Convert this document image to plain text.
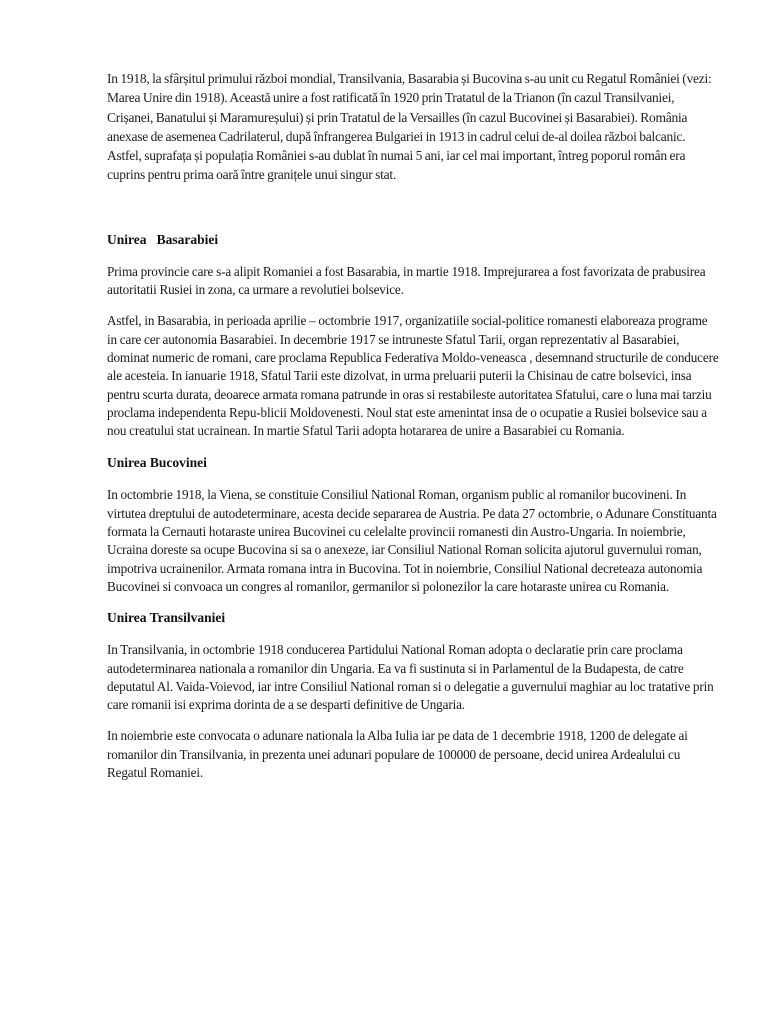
In 1918, la sfârșitul primului război mondial, Transilvania, Basarabia și Bucovina s-au unit cu Regatul României (vezi: Marea Unire din 1918). Această unire a fost ratificată în 1920 prin Tratatul de la Trianon (în cazul Transilvaniei, Crișanei, Banatului și Maramureșului) și prin Tratatul de la Versailles (în cazul Bucovinei și Basarabiei). România anexase de asemenea Cadrilaterul, după înfrangerea Bulgariei in 1913 in cadrul celui de-al doilea război balcanic. Astfel, suprafața și populația României s-au dublat în numai 5 ani, iar cel mai important, întreg poporul român era cuprins pentru prima oară între granițele unui singur stat.

Unirea   Basarabiei

Prima provincie care s-a alipit Romaniei a fost Basarabia, in martie 1918. Imprejurarea a fost favorizata de prabusirea autoritatii Rusiei in zona, ca urmare a revolutiei bolsevice.

Astfel, in Basarabia, in perioada aprilie – octombrie 1917, organizatiile social-politice romanesti elaboreaza programe in care cer autonomia Basarabiei. In decembrie 1917 se intruneste Sfatul Tarii, organ reprezentativ al Basarabiei, dominat numeric de romani, care proclama Republica Federativa Moldo-veneasca , desemnand structurile de conducere ale acesteia. In ianuarie 1918, Sfatul Tarii este dizolvat, in urma preluarii puterii la Chisinau de catre bolsevici, insa pentru scurta durata, deoarece armata romana patrunde in oras si restabileste autoritatea Sfatului, care o luna mai tarziu proclama independenta Repu-blicii Moldovenesti. Noul stat este amenintat insa de o ocupatie a Rusiei bolsevice sau a nou creatului stat ucrainean. In martie Sfatul Tarii adopta hotararea de unire a Basarabiei cu Romania.

Unirea Bucovinei

In octombrie 1918, la Viena, se constituie Consiliul National Roman, organism public al romanilor bucovineni. In virtutea dreptului de autodeterminare, acesta decide separarea de Austria. Pe data 27 octombrie, o Adunare Constituanta formata la Cernauti hotaraste unirea Bucovinei cu celelalte provincii romanesti din Austro-Ungaria. In noiembrie, Ucraina doreste sa ocupe Bucovina si sa o anexeze, iar Consiliul National Roman solicita ajutorul guvernului roman, impotriva ucrainenilor. Armata romana intra in Bucovina. Tot in noiembrie, Consiliul National decreteaza autonomia Bucovinei si convoaca un congres al romanilor, germanilor si polonezilor la care hotaraste unirea cu Romania.

Unirea Transilvaniei

In Transilvania, in octombrie 1918 conducerea Partidului National Roman adopta o declaratie prin care proclama autodeterminarea nationala a romanilor din Ungaria. Ea va fi sustinuta si in Parlamentul de la Budapesta, de catre deputatul Al. Vaida-Voievod, iar intre Consiliul National roman si o delegatie a guvernului maghiar au loc tratative prin care romanii isi exprima dorinta de a se desparti definitive de Ungaria.

In noiembrie este convocata o adunare nationala la Alba Iulia iar pe data de 1 decembrie 1918, 1200 de delegate ai romanilor din Transilvania, in prezenta unei adunari populare de 100000 de persoane, decid unirea Ardealului cu Regatul Romaniei.
